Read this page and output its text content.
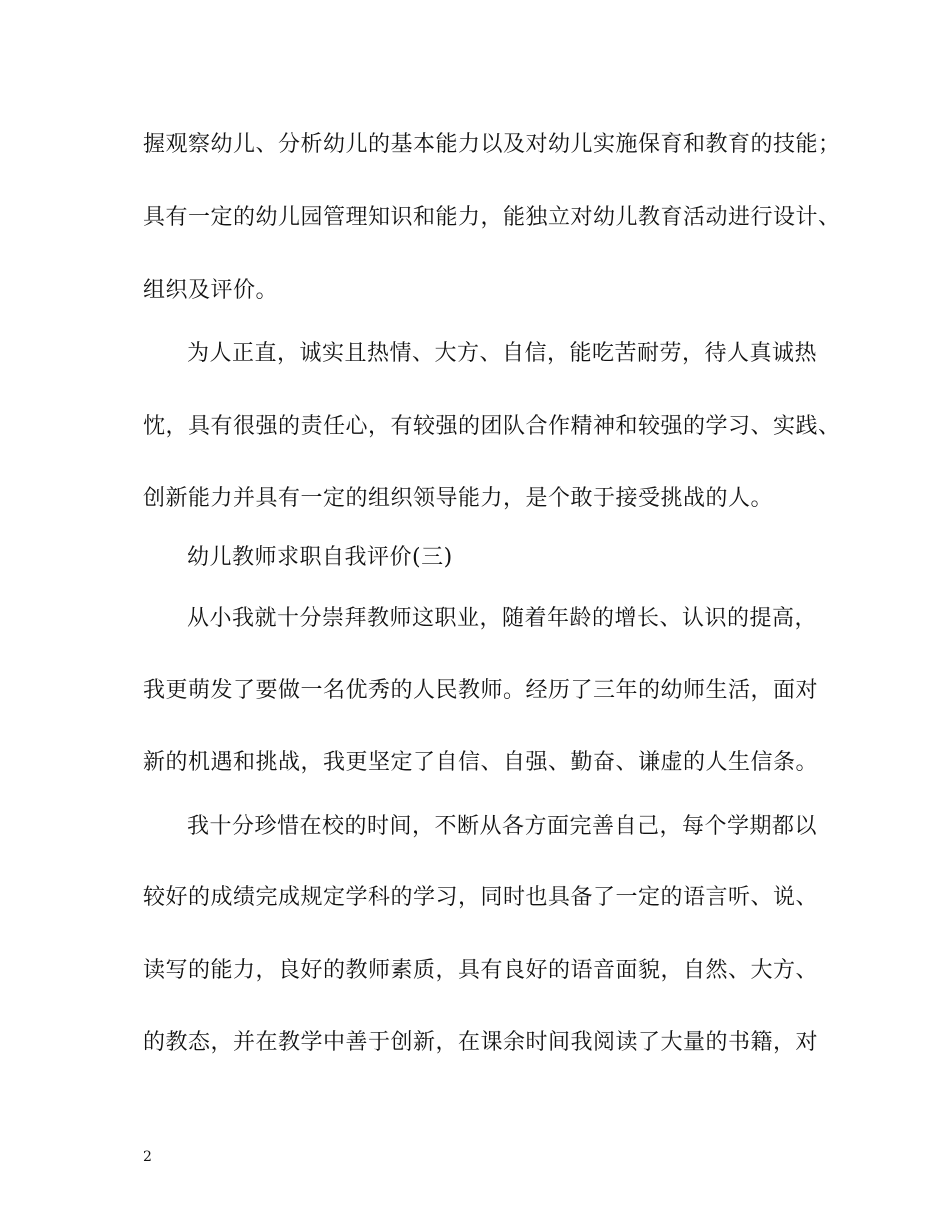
握观察幼儿、分析幼儿的基本能力以及对幼儿实施保育和教育的技能；
具有一定的幼儿园管理知识和能力，能独立对幼儿教育活动进行设计、
组织及评价。
为人正直，诚实且热情、大方、自信，能吃苦耐劳，待人真诚热
忱，具有很强的责任心，有较强的团队合作精神和较强的学习、实践、
创新能力并具有一定的组织领导能力，是个敢于接受挑战的人。
幼儿教师求职自我评价(三)
从小我就十分崇拜教师这职业，随着年龄的增长、认识的提高，
我更萌发了要做一名优秀的人民教师。经历了三年的幼师生活，面对
新的机遇和挑战，我更坚定了自信、自强、勤奋、谦虚的人生信条。
我十分珍惜在校的时间，不断从各方面完善自己，每个学期都以
较好的成绩完成规定学科的学习，同时也具备了一定的语言听、说、
读写的能力，良好的教师素质，具有良好的语音面貌，自然、大方、
的教态，并在教学中善于创新，在课余时间我阅读了大量的书籍，对
2
